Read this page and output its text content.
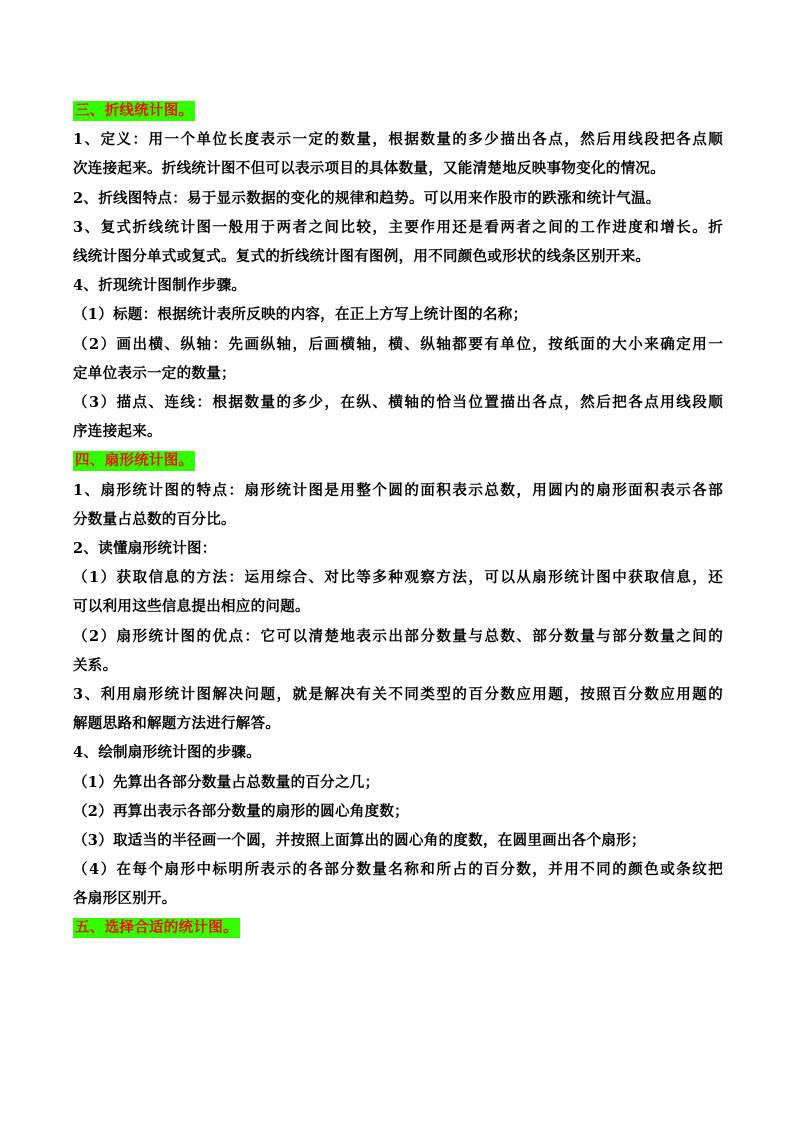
三、折线统计图。
1、定义：用一个单位长度表示一定的数量，根据数量的多少描出各点，然后用线段把各点顺
次连接起来。折线统计图不但可以表示项目的具体数量，又能清楚地反映事物变化的情况。
2、折线图特点：易于显示数据的变化的规律和趋势。可以用来作股市的跌涨和统计气温。
3、复式折线统计图一般用于两者之间比较，主要作用还是看两者之间的工作进度和增长。折
线统计图分单式或复式。复式的折线统计图有图例，用不同颜色或形状的线条区别开来。
4、折现统计图制作步骤。
（1）标题：根据统计表所反映的内容，在正上方写上统计图的名称；
（2）画出横、纵轴：先画纵轴，后画横轴，横、纵轴都要有单位，按纸面的大小来确定用一
定单位表示一定的数量；
（3）描点、连线：根据数量的多少，在纵、横轴的恰当位置描出各点，然后把各点用线段顺
序连接起来。
四、扇形统计图。
1、扇形统计图的特点：扇形统计图是用整个圆的面积表示总数，用圆内的扇形面积表示各部
分数量占总数的百分比。
2、读懂扇形统计图：
（1）获取信息的方法：运用综合、对比等多种观察方法，可以从扇形统计图中获取信息，还
可以利用这些信息提出相应的问题。
（2）扇形统计图的优点：它可以清楚地表示出部分数量与总数、部分数量与部分数量之间的
关系。
3、利用扇形统计图解决问题，就是解决有关不同类型的百分数应用题，按照百分数应用题的
解题思路和解题方法进行解答。
4、绘制扇形统计图的步骤。
（1）先算出各部分数量占总数量的百分之几；
（2）再算出表示各部分数量的扇形的圆心角度数；
（3）取适当的半径画一个圆，并按照上面算出的圆心角的度数，在圆里画出各个扇形；
（4）在每个扇形中标明所表示的各部分数量名称和所占的百分数，并用不同的颜色或条纹把
各扇形区别开。
五、选择合适的统计图。
